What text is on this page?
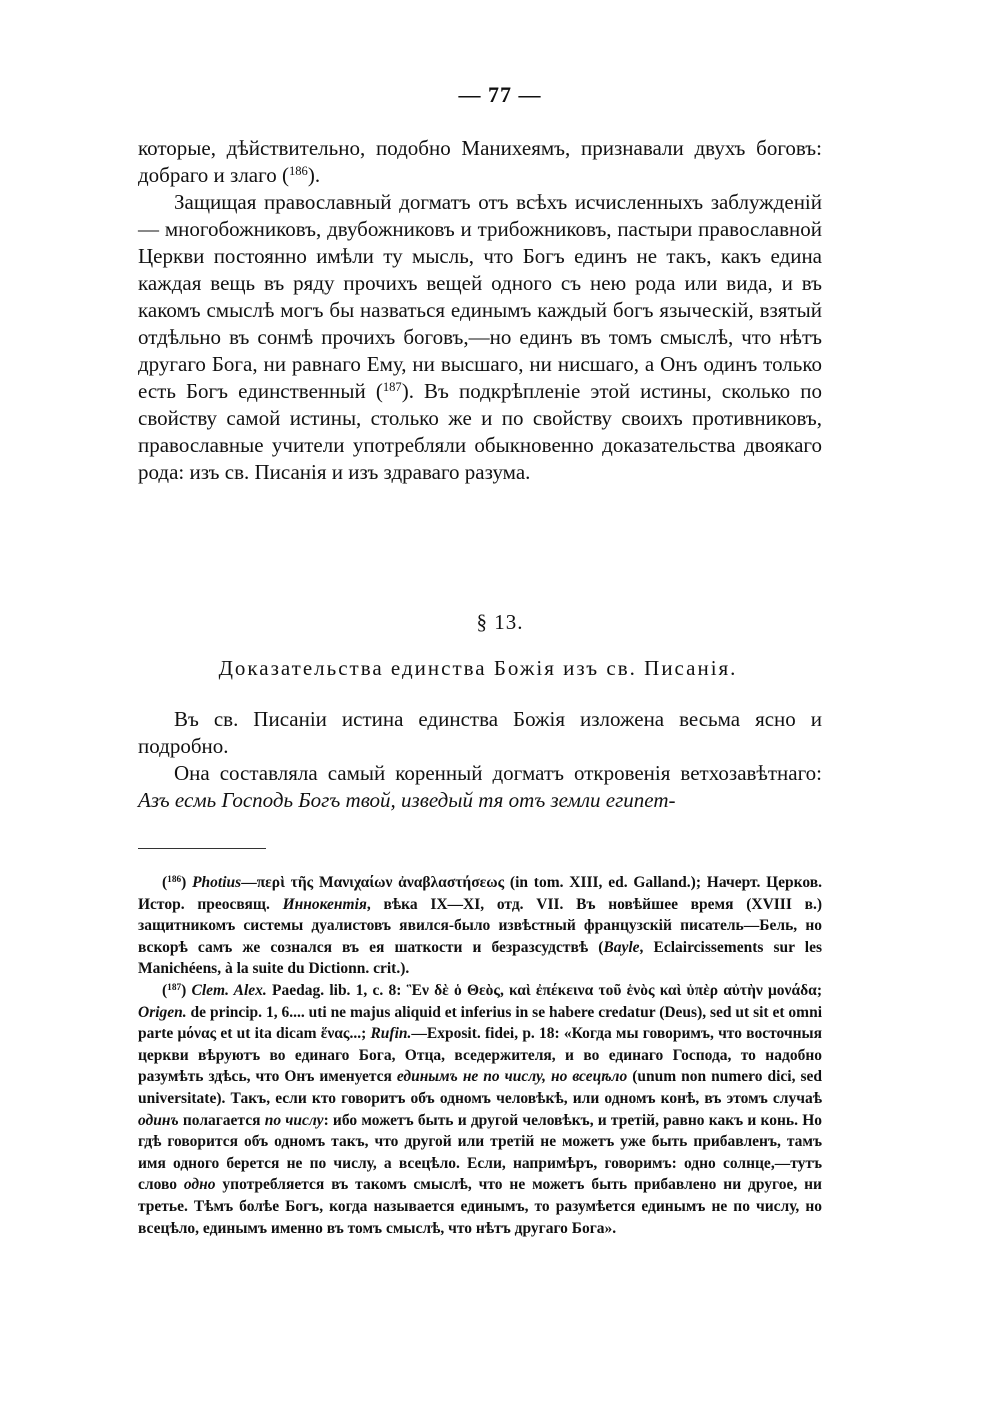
— 77 —

которые, дѣйствительно, подобно Манихеямъ, признавали двухъ боговъ: добраго и злаго ($^{186}$).

Защищая православный догматъ отъ всѣхъ исчисленныхъ заблужденій — многобожниковъ, двубожниковъ и трибожниковъ, пастыри православной Церкви постоянно имѣли ту мысль, что Богъ единъ не такъ, какъ едина каждая вещь въ ряду прочихъ вещей одного съ нею рода или вида, и въ какомъ смыслѣ могъ бы назваться единымъ каждый богъ языческій, взятый отдѣльно въ сонмѣ прочихъ боговъ,—но единъ въ томъ смыслѣ, что нѣтъ другаго Бога, ни равнаго Ему, ни высшаго, ни нисшаго, а Онъ одинъ только есть Богъ единственный ($^{187}$). Въ подкрѣпленіе этой истины, сколько по свойству самой истины, столько же и по свойству своихъ противниковъ, православные учители употребляли обыкновенно доказательства двоякаго рода: изъ св. Писанія и изъ здраваго разума.

§ 13.
Доказательства единства Божія изъ св. Писанія.

Въ св. Писаніи истина единства Божія изложена весьма ясно и подробно.

Она составляла самый коренный догматъ откровенія ветхозавѣтнаго: Азъ есмь Господь Богъ твой, изведый тя отъ земли египет-

($^{186}$) Photius—περὶ τῆς Μανιχαίων ἀναβλαστήσεως (in tom. XIII, ed. Galland.); Начерт. Церков. Истор. преосвящ. Иннокентія, вѣка IX—XI, отд. VII. Въ новѣйшее время (XVIII в.) защитникомъ системы дуалистовъ явился-было извѣстный французскій писатель—Бель, но вскорѣ самъ же сознался въ ея шаткости и безразсудствѣ (Bayle, Eclaircissements sur les Manichéens, à la suite du Dictionn. crit.).

($^{187}$) Clem. Alex. Paedag. lib. 1, c. 8: Ἓν δὲ ὁ Θεὸς, καὶ ἐπέκεινα τοῦ ἑνὸς καὶ ὑπὲρ αὐτὴν μονάδα; Origen. de princip. 1, 6.... uti ne majus aliquid et inferius in se habere credatur (Deus), sed ut sit et omni parte μόνας et ut ita dicam ἕνας...; Rufin.—Exposit. fidei, p. 18: «Когда мы говоримъ, что восточныя церкви вѣруютъ во единаго Бога, Отца, вседержителя, и во единаго Господа, то надобно разумѣть здѣсь, что Онъ именуется единымъ не по числу, но всецѣло (unum non numero dici, sed universitate). Такъ, если кто говоритъ объ одномъ человѣкѣ, или одномъ конѣ, въ этомъ случаѣ одинъ полагается по числу: ибо можетъ быть и другой человѣкъ, и третій, равно какъ и конь. Но гдѣ говорится объ одномъ такъ, что другой или третій не можетъ уже быть прибавленъ, тамъ имя одного берется не по числу, а всецѣло. Если, напримѣръ, говоримъ: одно солнце,—тутъ слово одно употребляется въ такомъ смыслѣ, что не можетъ быть прибавлено ни другое, ни третье. Тѣмъ болѣе Богъ, когда называется единымъ, то разумѣется единымъ не по числу, но всецѣло, единымъ именно въ томъ смыслѣ, что нѣтъ другаго Бога».
